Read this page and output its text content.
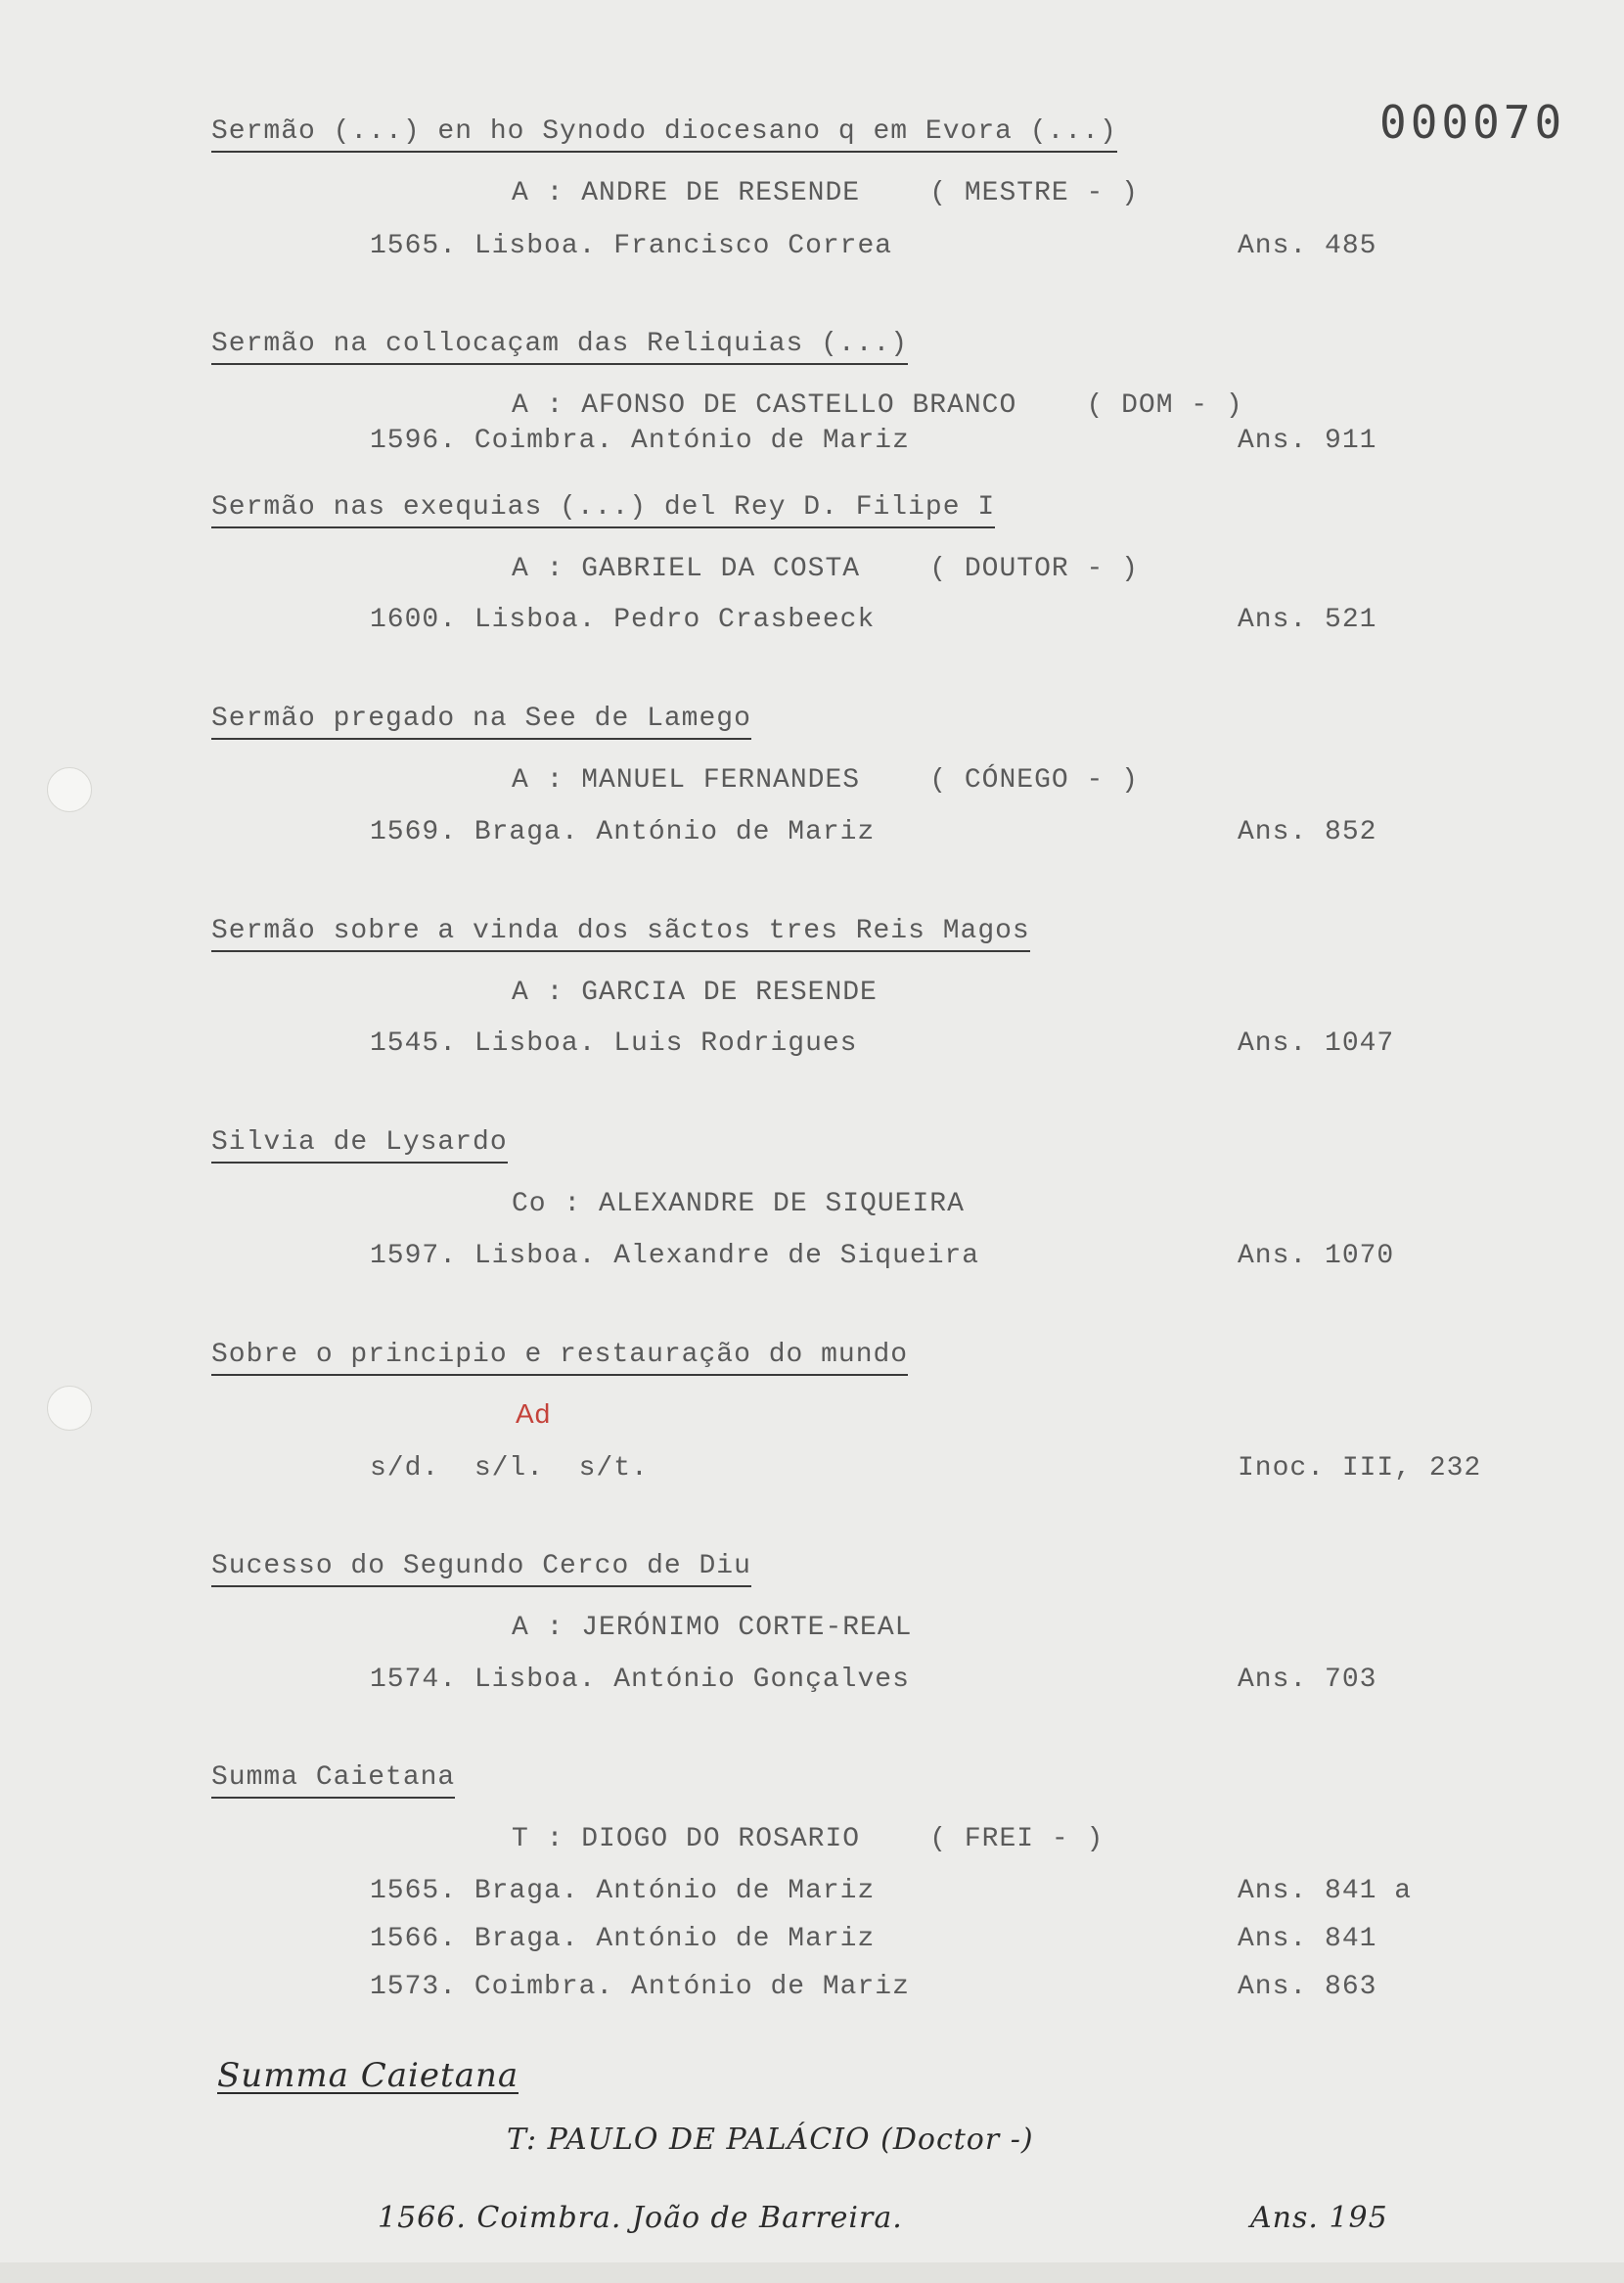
000070
Sermão (...) en ho Synodo diocesano q em Evora (...)
A : ANDRE DE RESENDE    ( MESTRE - )
1565. Lisboa. Francisco Correa	Ans. 485
Sermão na collocaçam das Reliquias (...)
A : AFONSO DE CASTELLO BRANCO    ( DOM - )
1596. Coimbra. António de Mariz	Ans. 911
Sermão nas exequias (...) del Rey D. Filipe I
A : GABRIEL DA COSTA    ( DOUTOR - )
1600. Lisboa. Pedro Crasbeeck	Ans. 521
Sermão pregado na See de Lamego
A : MANUEL FERNANDES    ( CÓNEGO - )
1569. Braga. António de Mariz	Ans. 852
Sermão sobre a vinda dos sãctos tres Reis Magos
A : GARCIA DE RESENDE
1545. Lisboa. Luis Rodrigues	Ans. 1047
Silvia de Lysardo
Co : ALEXANDRE DE SIQUEIRA
1597. Lisboa. Alexandre de Siqueira	Ans. 1070
Sobre o principio e restauração do mundo
Ad
s/d.  s/l.  s/t.	Inoc. III, 232
Sucesso do Segundo Cerco de Diu
A : JERÓNIMO CORTE-REAL
1574. Lisboa. António Gonçalves	Ans. 703
Summa Caietana
T : DIOGO DO ROSARIO    ( FREI - )
1565. Braga. António de Mariz	Ans. 841 a
1566. Braga. António de Mariz	Ans. 841
1573. Coimbra. António de Mariz	Ans. 863
Summa Caietana
T: PAULO DE PALÁCIO (Doctor -)
1566. Coimbra. João de Barreira.	Ans. 195
